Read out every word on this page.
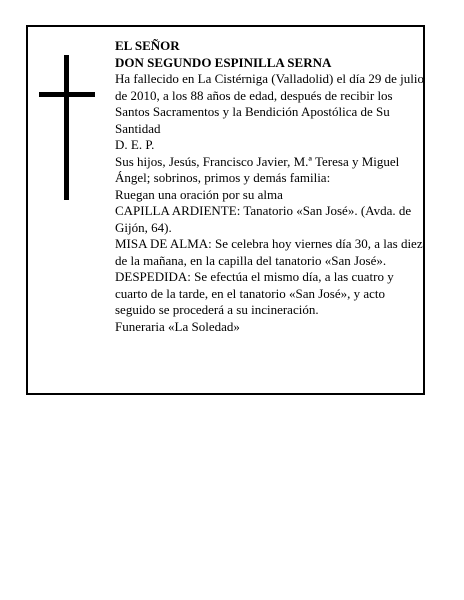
EL SEÑOR

DON SEGUNDO ESPINILLA SERNA

Ha fallecido en La Cistérniga (Valladolid) el día 29 de julio de 2010, a los 88 años de edad, después de recibir los Santos Sacramentos y la Bendición Apostólica de Su Santidad

D. E. P.

Sus hijos, Jesús, Francisco Javier, M.ª Teresa y Miguel Ángel; sobrinos, primos y demás familia:

Ruegan una oración por su alma

CAPILLA ARDIENTE: Tanatorio «San José». (Avda. de Gijón, 64).

MISA DE ALMA: Se celebra hoy viernes día 30, a las diez de la mañana, en la capilla del tanatorio «San José».

DESPEDIDA: Se efectúa el mismo día, a las cuatro y cuarto de la tarde, en el tanatorio «San José», y acto seguido se procederá a su incineración.

Funeraria «La Soledad»
